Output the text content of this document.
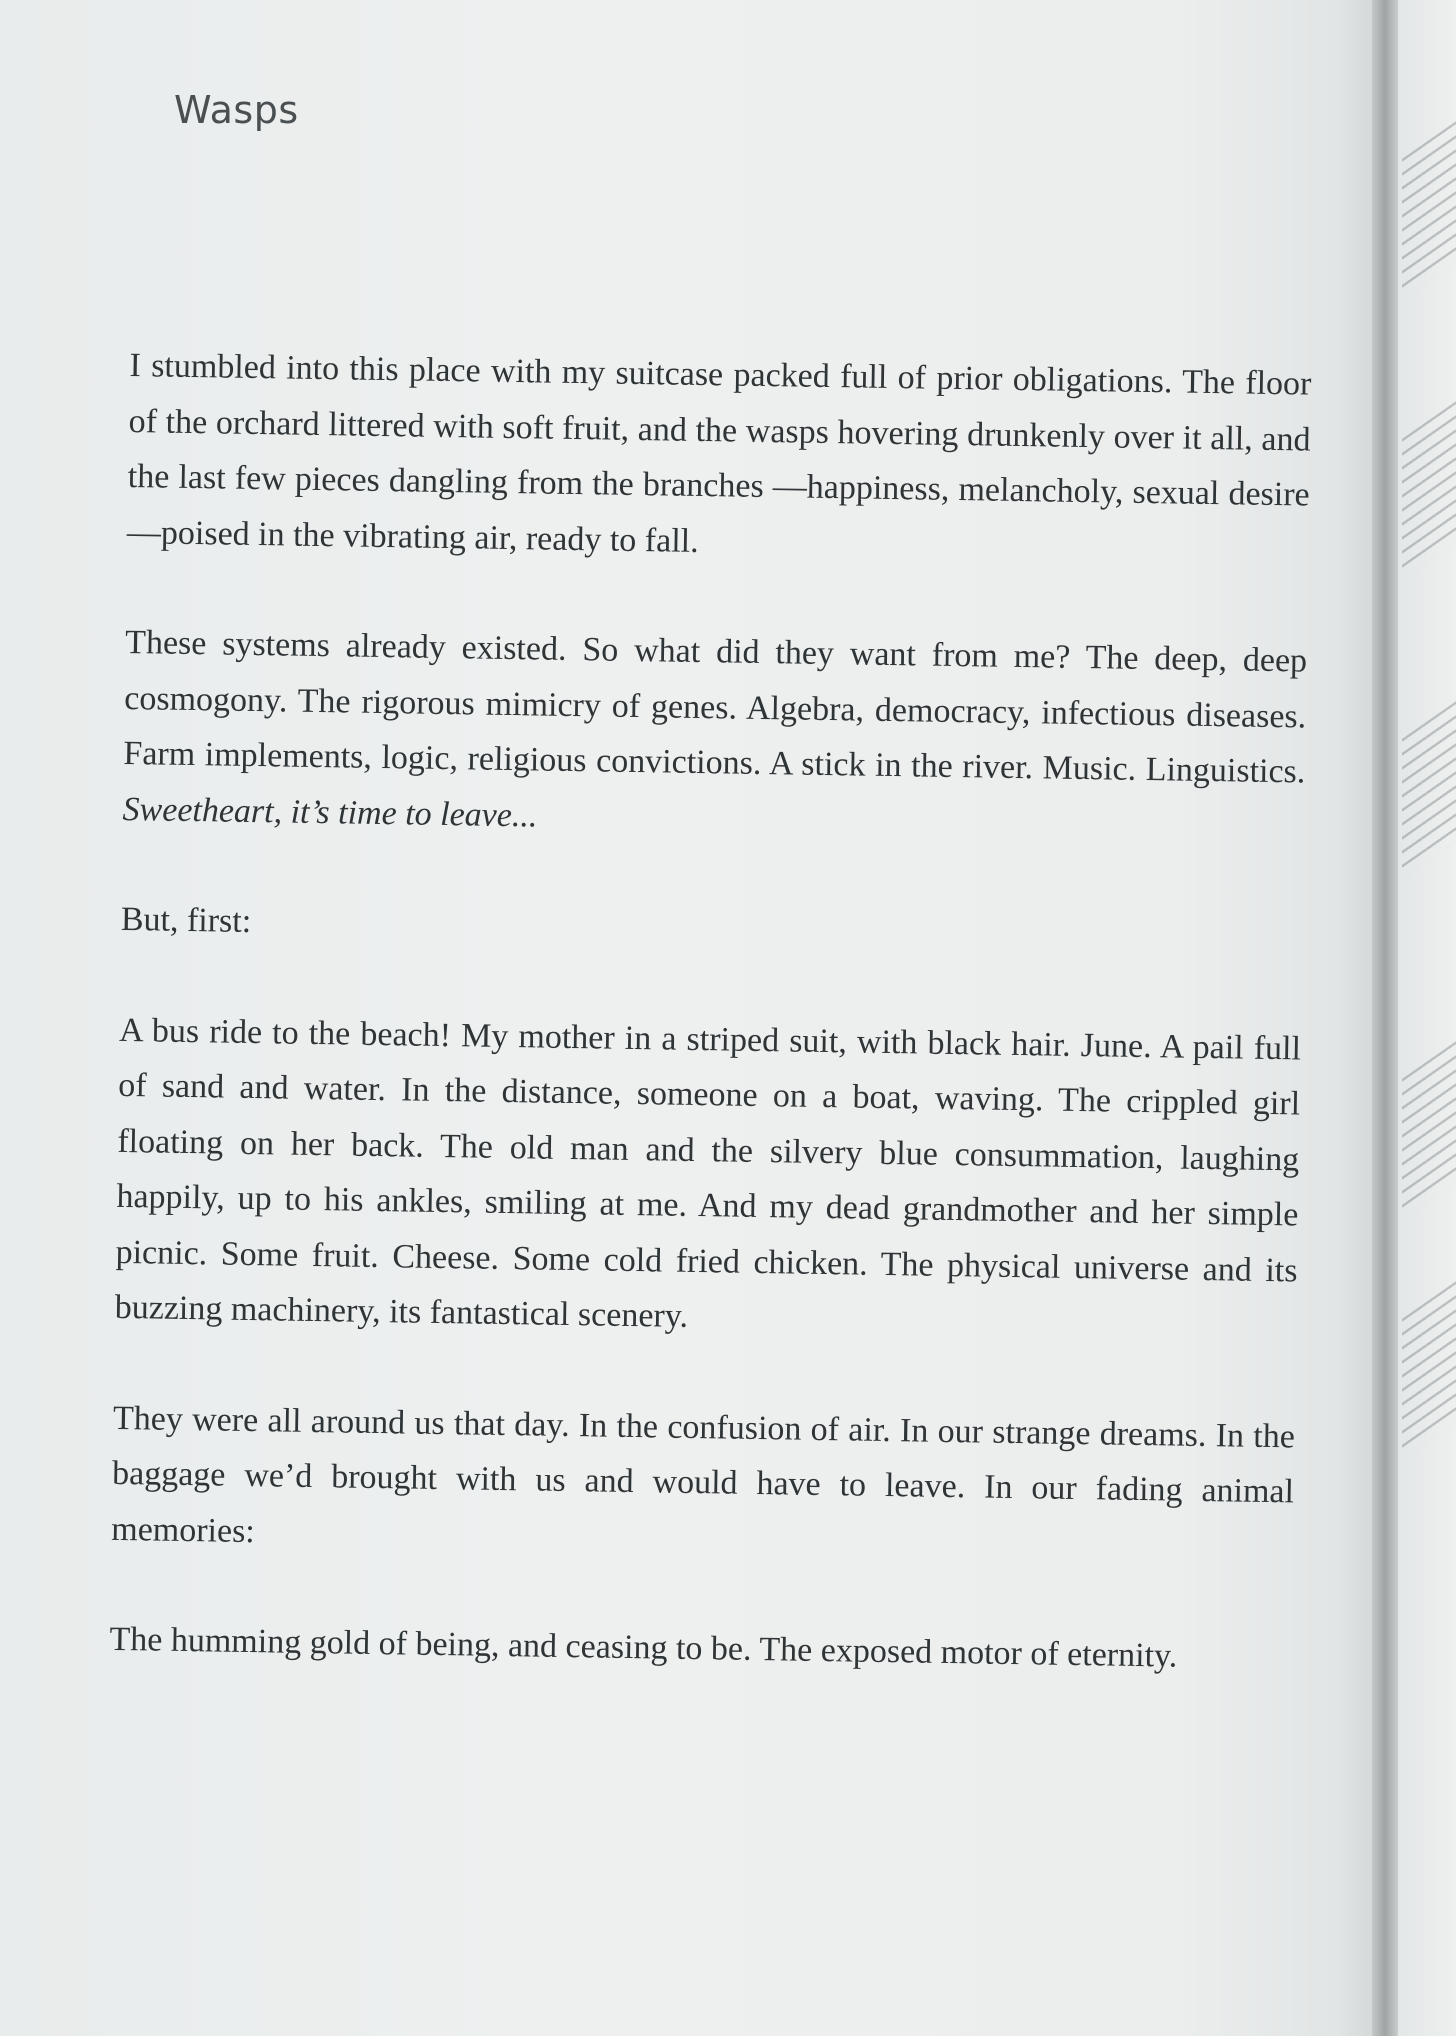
Wasps

I stumbled into this place with my suitcase packed full of prior obligations. The floor of the orchard littered with soft fruit, and the wasps hovering drunkenly over it all, and the last few pieces dangling from the branches —happiness, melancholy, sexual desire—poised in the vibrating air, ready to fall.

These systems already existed. So what did they want from me? The deep, deep cosmogony. The rigorous mimicry of genes. Algebra, democracy, infectious diseases. Farm implements, logic, religious convictions. A stick in the river. Music. Linguistics. Sweetheart, it’s time to leave...

But, first:

A bus ride to the beach! My mother in a striped suit, with black hair. June. A pail full of sand and water. In the distance, someone on a boat, waving. The crippled girl floating on her back. The old man and the silvery blue consummation, laughing happily, up to his ankles, smiling at me. And my dead grandmother and her simple picnic. Some fruit. Cheese. Some cold fried chicken. The physical universe and its buzzing machinery, its fantastical scenery.

They were all around us that day. In the confusion of air. In our strange dreams. In the baggage we’d brought with us and would have to leave. In our fading animal memories:

The humming gold of being, and ceasing to be. The exposed motor of eternity.
